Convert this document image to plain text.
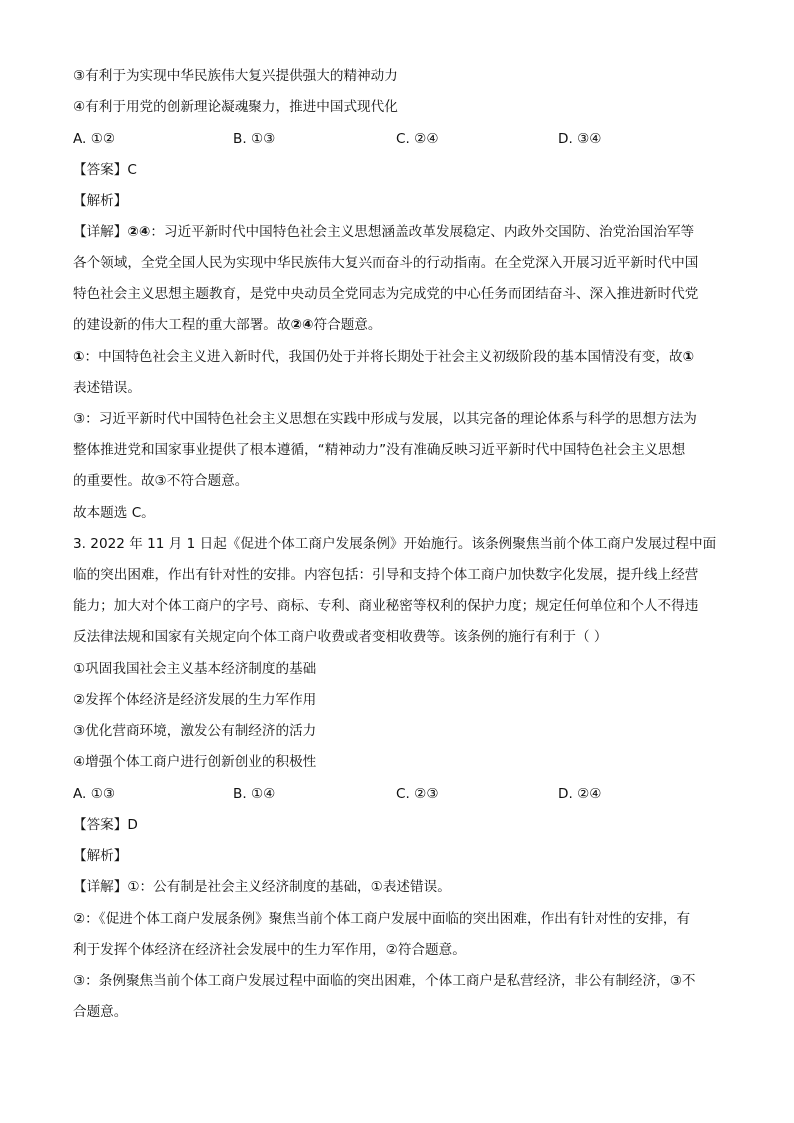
③有利于为实现中华民族伟大复兴提供强大的精神动力
④有利于用党的创新理论凝魂聚力，推进中国式现代化
A. ①②	B. ①③	C. ②④	D. ③④
【答案】C
【解析】
【详解】②④：习近平新时代中国特色社会主义思想涵盖改革发展稳定、内政外交国防、治党治国治军等
各个领域，全党全国人民为实现中华民族伟大复兴而奋斗的行动指南。在全党深入开展习近平新时代中国
特色社会主义思想主题教育，是党中央动员全党同志为完成党的中心任务而团结奋斗、深入推进新时代党
的建设新的伟大工程的重大部署。故②④符合题意。
①：中国特色社会主义进入新时代，我国仍处于并将长期处于社会主义初级阶段的基本国情没有变，故①
表述错误。
③：习近平新时代中国特色社会主义思想在实践中形成与发展，以其完备的理论体系与科学的思想方法为
整体推进党和国家事业提供了根本遵循，“精神动力”没有准确反映习近平新时代中国特色社会主义思想
的重要性。故③不符合题意。
故本题选 C。
3. 2022 年 11 月 1 日起《促进个体工商户发展条例》开始施行。该条例聚焦当前个体工商户发展过程中面
临的突出困难，作出有针对性的安排。内容包括：引导和支持个体工商户加快数字化发展，提升线上经营
能力；加大对个体工商户的字号、商标、专利、商业秘密等权利的保护力度；规定任何单位和个人不得违
反法律法规和国家有关规定向个体工商户收费或者变相收费等。该条例的施行有利于（ ）
①巩固我国社会主义基本经济制度的基础
②发挥个体经济是经济发展的生力军作用
③优化营商环境，激发公有制经济的活力
④增强个体工商户进行创新创业的积极性
A. ①③	B. ①④	C. ②③	D. ②④
【答案】D
【解析】
【详解】①：公有制是社会主义经济制度的基础，①表述错误。
②：《促进个体工商户发展条例》聚焦当前个体工商户发展中面临的突出困难，作出有针对性的安排，有
利于发挥个体经济在经济社会发展中的生力军作用，②符合题意。
③：条例聚焦当前个体工商户发展过程中面临的突出困难，个体工商户是私营经济，非公有制经济，③不
合题意。
